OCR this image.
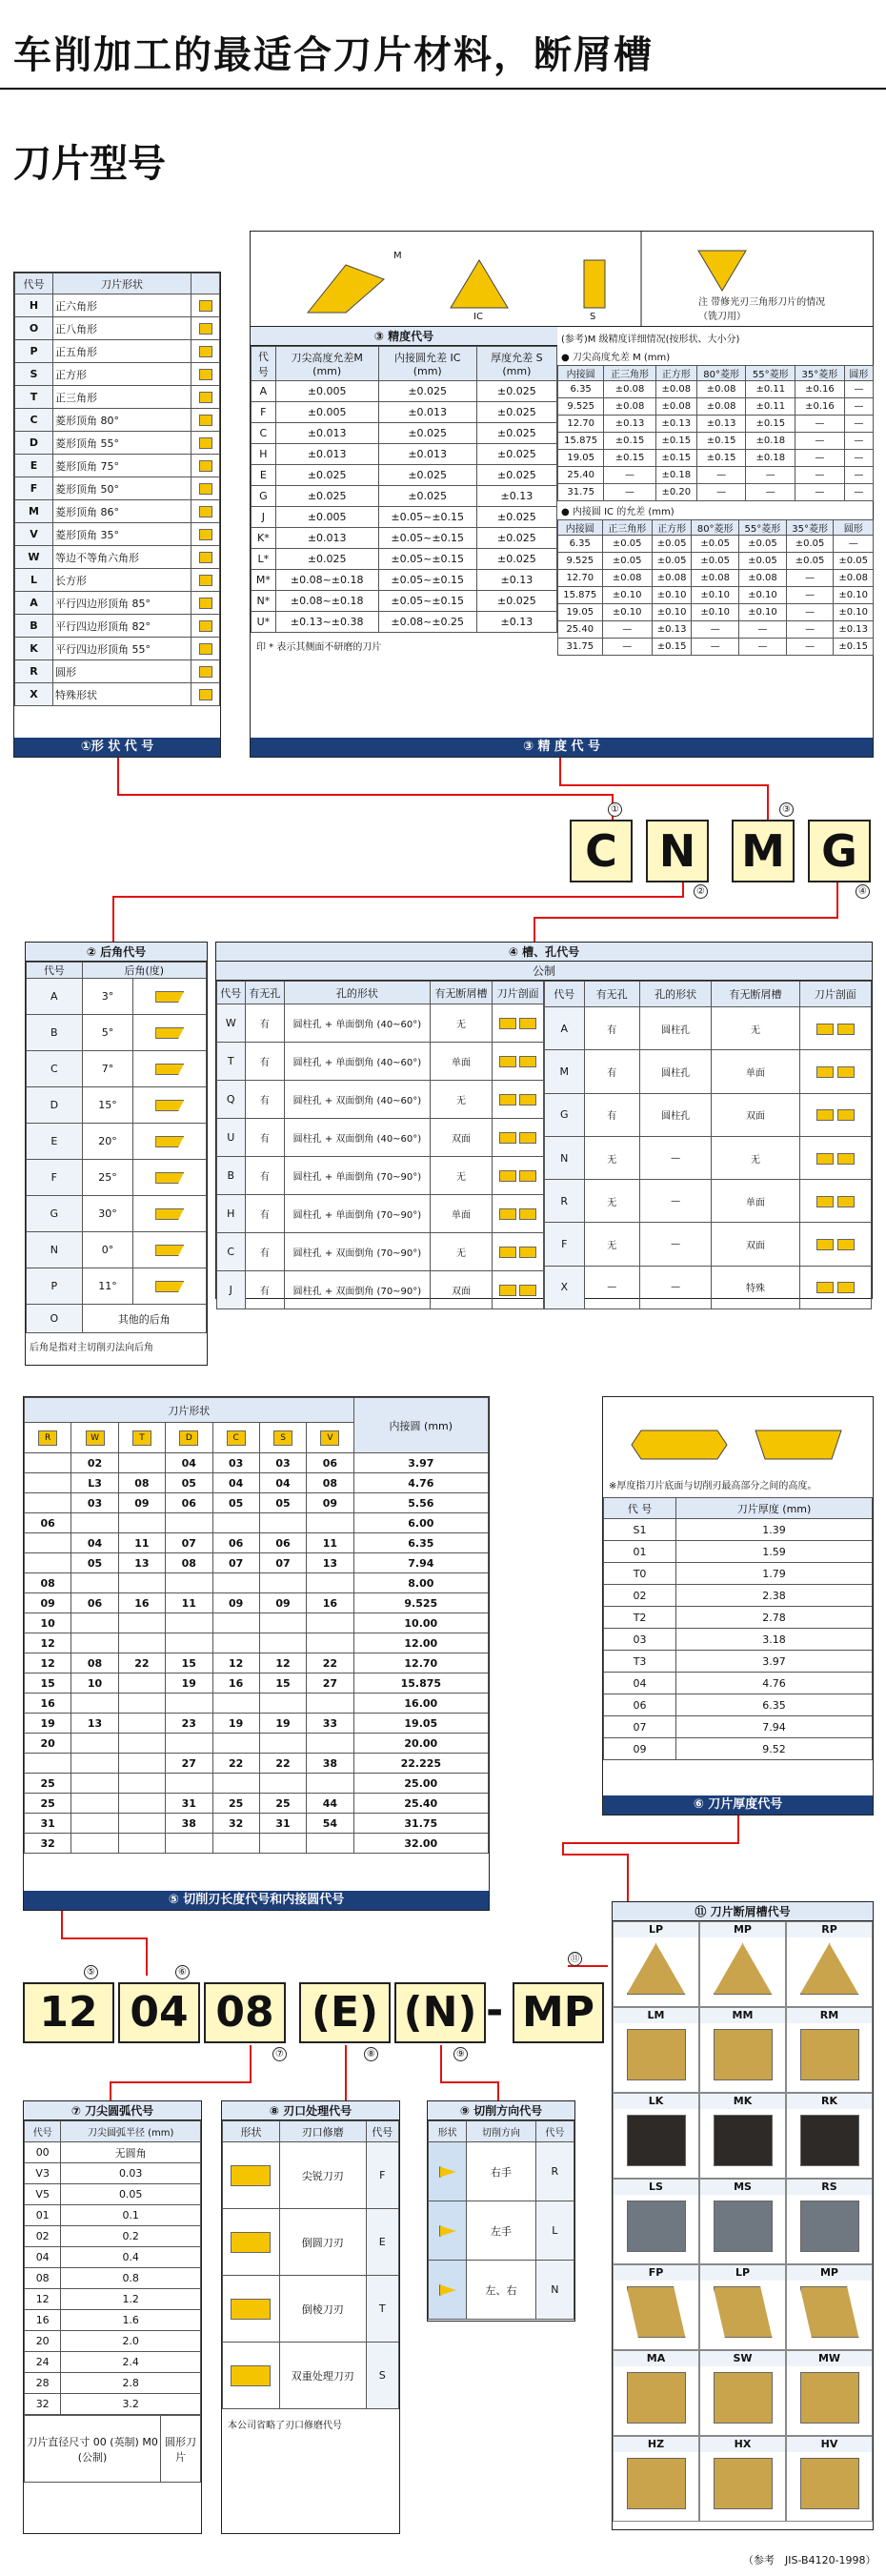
车削加工的最适合刀片材料，断屑槽
刀片型号
代号	刀片形状	
H	正六角形	
O	正八角形	
P	正五角形	
S	正方形	
T	正三角形	
C	菱形顶角 80°	
D	菱形顶角 55°	
E	菱形顶角 75°	
F	菱形顶角 50°	
M	菱形顶角 86°	
V	菱形顶角 35°	
W	等边不等角六角形	
L	长方形	
A	平行四边形顶角 85°	
B	平行四边形顶角 82°	
K	平行四边形顶角 55°	
R	圆形	
X	特殊形状	
①形 状 代 号
M
IC	S
注 带修光刃三角形刀片的情况（铣刀用）
③ 精度代号
代号	刀尖高度允差M (mm)	内接圆允差 IC (mm)	厚度允差 S (mm)
A	±0.005	±0.025	±0.025
F	±0.005	±0.013	±0.025
C	±0.013	±0.025	±0.025
H	±0.013	±0.013	±0.025
E	±0.025	±0.025	±0.025
G	±0.025	±0.025	±0.13
J	±0.005	±0.05~±0.15	±0.025
K*	±0.013	±0.05~±0.15	±0.025
L*	±0.025	±0.05~±0.15	±0.025
M*	±0.08~±0.18	±0.05~±0.15	±0.13
N*	±0.08~±0.18	±0.05~±0.15	±0.025
U*	±0.13~±0.38	±0.08~±0.25	±0.13
印 * 表示其侧面不研磨的刀片
(参考)M 级精度详细情况(按形状、大小分)
● 刀尖高度允差 M (mm)
内接圆	正三角形	正方形	80°菱形	55°菱形	35°菱形	圆形
6.35	±0.08	±0.08	±0.08	±0.11	±0.16	—
9.525	±0.08	±0.08	±0.08	±0.11	±0.16	—
12.70	±0.13	±0.13	±0.13	±0.15	—	—
15.875	±0.15	±0.15	±0.15	±0.18	—	—
19.05	±0.15	±0.15	±0.15	±0.18	—	—
25.40	—	±0.18	—	—	—	—
31.75	—	±0.20	—	—	—	—
● 内接圆 IC 的允差 (mm)
内接圆	正三角形	正方形	80°菱形	55°菱形	35°菱形	圆形
6.35	±0.05	±0.05	±0.05	±0.05	±0.05	—
9.525	±0.05	±0.05	±0.05	±0.05	±0.05	±0.05
12.70	±0.08	±0.08	±0.08	±0.08	—	±0.08
15.875	±0.10	±0.10	±0.10	±0.10	—	±0.10
19.05	±0.10	±0.10	±0.10	±0.10	—	±0.10
25.40	—	±0.13	—	—	—	±0.13
31.75	—	±0.15	—	—	—	±0.15
③ 精 度 代 号
C N M G
①
②
③
④
② 后角代号
代号	后角(度)	
A	3°	
B	5°	
C	7°	
D	15°	
E	20°	
F	25°	
G	30°	
N	0°	
P	11°	
O	其他的后角	
后角是指对主切削刃法向后角
④ 槽、孔代号
公制
代号	有无孔	孔的形状	有无断屑槽	刀片剖面
W	有	圆柱孔 + 单面倒角 (40~60°)	无	
T	有	圆柱孔 + 单面倒角 (40~60°)	单面	
Q	有	圆柱孔 + 双面倒角 (40~60°)	无	
U	有	圆柱孔 + 双面倒角 (40~60°)	双面	
B	有	圆柱孔 + 单面倒角 (70~90°)	无	
H	有	圆柱孔 + 单面倒角 (70~90°)	单面	
C	有	圆柱孔 + 双面倒角 (70~90°)	无	
J	有	圆柱孔 + 双面倒角 (70~90°)	双面	
代号	有无孔	孔的形状	有无断屑槽	刀片剖面
A	有	圆柱孔	无	
M	有	圆柱孔	单面	
G	有	圆柱孔	双面	
N	无	—	无	
R	无	—	单面	
F	无	—	双面	
X	—	—	特殊	
刀片形状							内接圆 (mm)
R	W	T	D	C	S	V	
	02		04	03	03	06	3.97
	L3	08	05	04	04	08	4.76
	03	09	06	05	05	09	5.56
06							6.00
	04	11	07	06	06	11	6.35
	05	13	08	07	07	13	7.94
08							8.00
09	06	16	11	09	09	16	9.525
10							10.00
12							12.00
12	08	22	15	12	12	22	12.70
15	10		19	16	15	27	15.875
16							16.00
19	13		23	19	19	33	19.05
20							20.00
			27	22	22	38	22.225
25							25.00
25			31	25	25	44	25.40
31			38	32	31	54	31.75
32							32.00
⑤ 切削刃长度代号和内接圆代号
※厚度指刀片底面与切削刃最高部分之间的高度。
代 号	刀片厚度 (mm)
S1	1.39
01	1.59
T0	1.79
02	2.38
T2	2.78
03	3.18
T3	3.97
04	4.76
06	6.35
07	7.94
09	9.52
⑥ 刀片厚度代号
12 04 08 (E) (N) - MP
⑤	⑥
⑦	⑧	⑨
⑪
⑪ 刀片断屑槽代号
LP	MP	RP
LM	MM	RM
LK	MK	RK
LS	MS	RS
FP	LP	MP
MA	SW	MW
HZ	HX	HV
⑦ 刀尖圆弧代号
代号	刀尖圆弧半径 (mm)
00	无圆角
V3	0.03
V5	0.05
01	0.1
02	0.2
04	0.4
08	0.8
12	1.2
16	1.6
20	2.0
24	2.4
28	2.8
32	3.2
刀片直径尺寸 00 (英制) M0 (公制)	圆形刀片
⑧ 刃口处理代号
形状	刃口修磨	代号
	尖锐刀刃	F
	倒圆刀刃	E
	倒棱刀刃	T
	双重处理刀刃	S
本公司省略了刃口修磨代号
⑨ 切削方向代号
形状	切削方向	代号
	右手	R
	左手	L
	左、右	N
（参考　JIS-B4120-1998）
